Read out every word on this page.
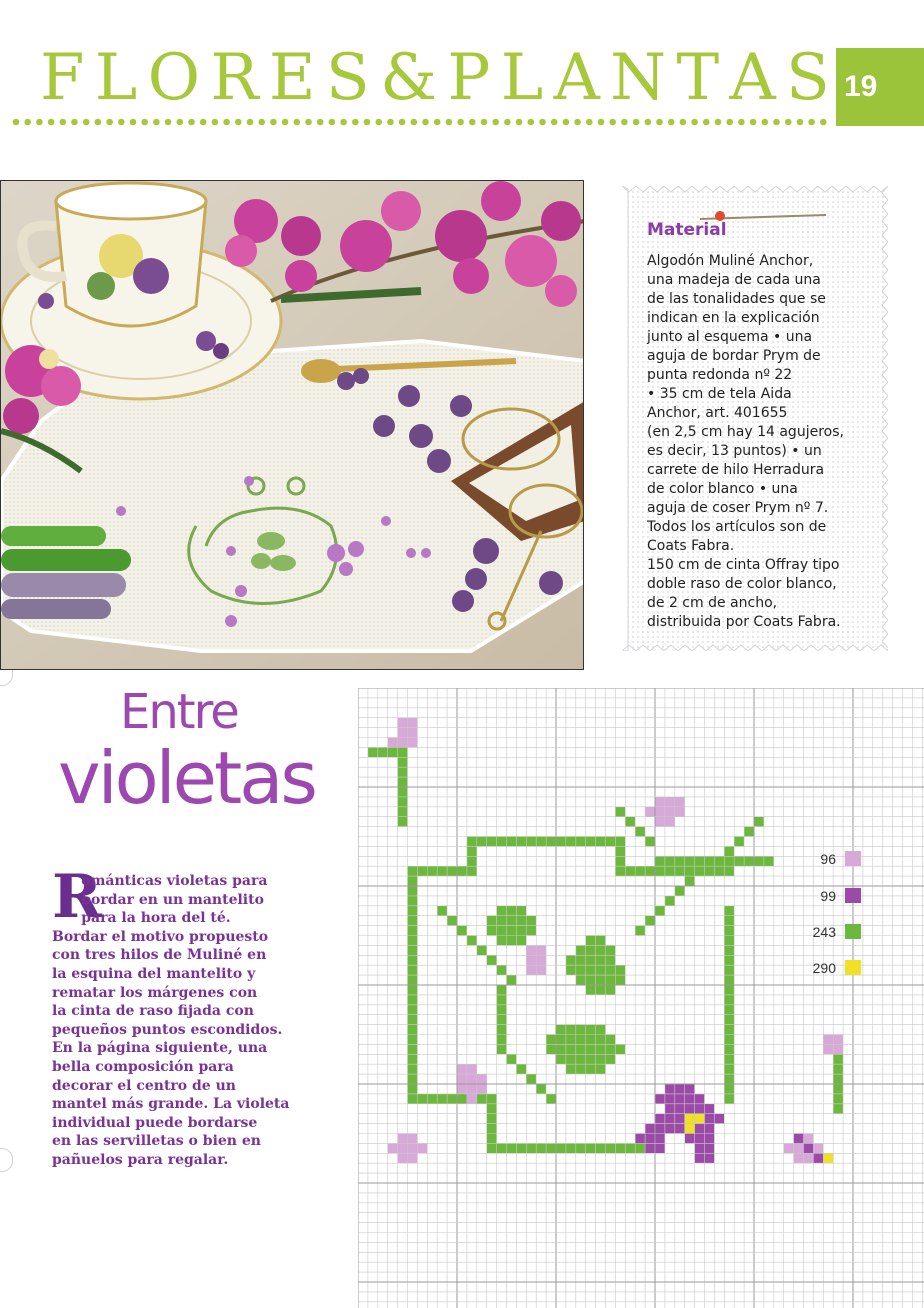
F L O R E S & P L A N T A S 19
Material
Algodón Muliné Anchor,
una madeja de cada una
de las tonalidades que se
indican en la explicación
junto al esquema • una
aguja de bordar Prym de
punta redonda nº 22
• 35 cm de tela Aida
Anchor, art. 401655
(en 2,5 cm hay 14 agujeros,
es decir, 13 puntos) • un
carrete de hilo Herradura
de color blanco • una
aguja de coser Prym nº 7.
Todos los artículos son de
Coats Fabra.
150 cm de cinta Offray tipo
doble raso de color blanco,
de 2 cm de ancho,
distribuida por Coats Fabra.
Entre
violetas
R
ománticas violetas para
bordar en un mantelito
para la hora del té.
Bordar el motivo propuesto
con tres hilos de Muliné en
la esquina del mantelito y
rematar los márgenes con
la cinta de raso fijada con
pequeños puntos escondidos.
En la página siguiente, una
bella composición para
decorar el centro de un
mantel más grande. La violeta
individual puede bordarse
en las servilletas o bien en
pañuelos para regalar.
96
99
243
290
